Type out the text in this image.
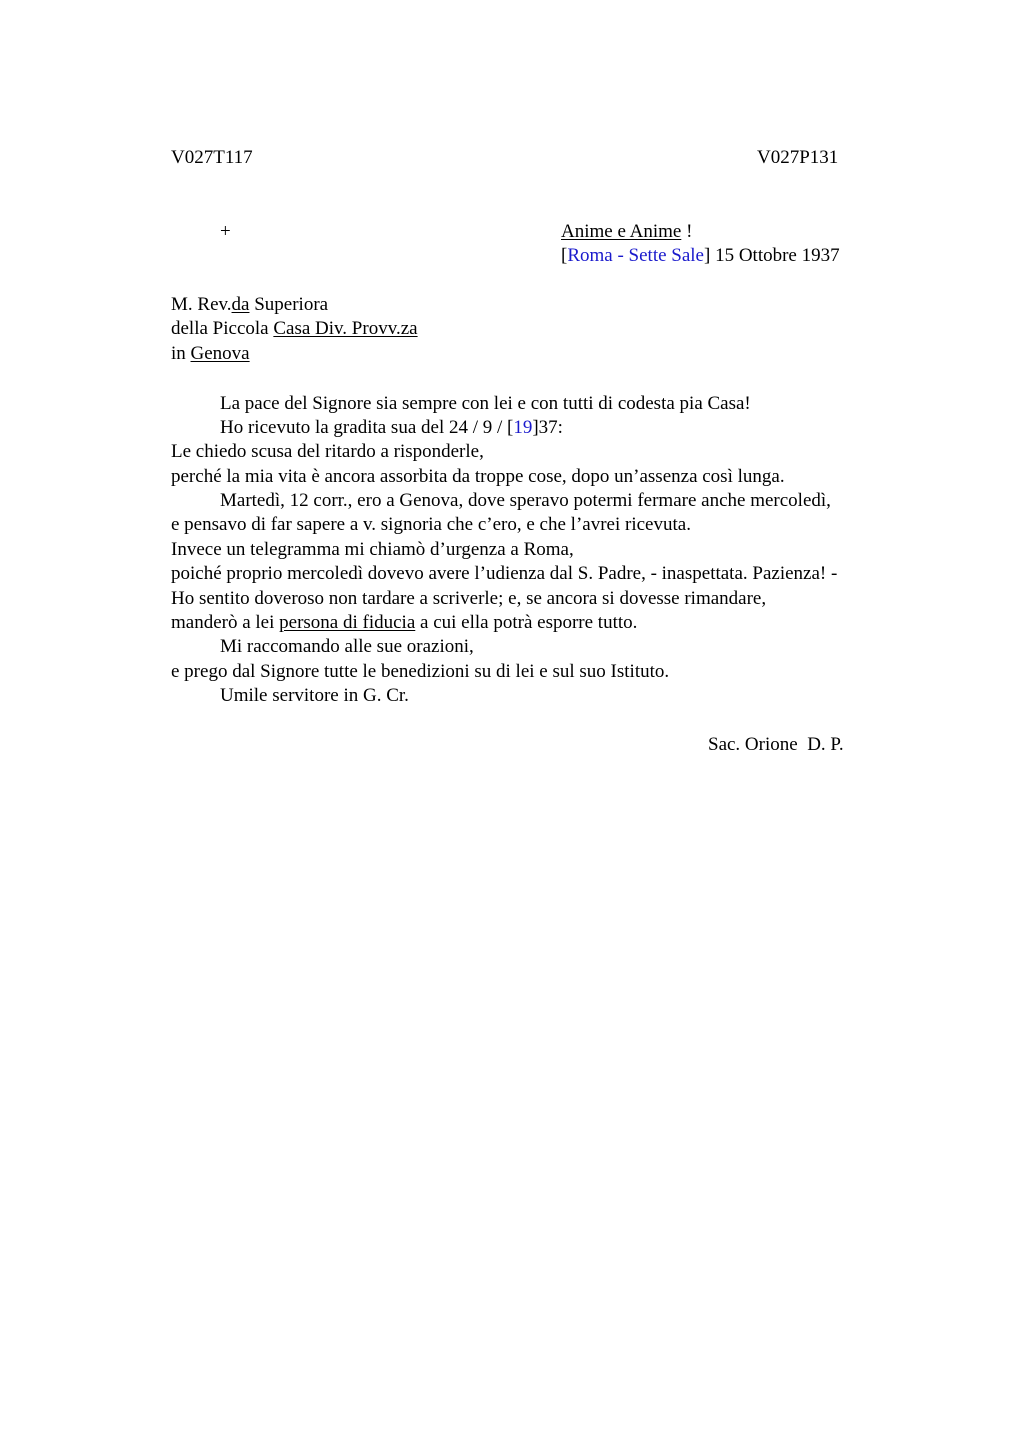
V027T117	V027P131
+	Anime e Anime !
[Roma - Sette Sale] 15 Ottobre 1937
M. Rev.da Superiora
della Piccola Casa Div. Provv.za
in Genova
La pace del Signore sia sempre con lei e con tutti di codesta pia Casa!
Ho ricevuto la gradita sua del 24 / 9 / [19]37:
Le chiedo scusa del ritardo a risponderle,
perché la mia vita è ancora assorbita da troppe cose, dopo un’assenza così lunga.
Martedì, 12 corr., ero a Genova, dove speravo potermi fermare anche mercoledì,
e pensavo di far sapere a v. signoria che c’ero, e che l’avrei ricevuta.
Invece un telegramma mi chiamò d’urgenza a Roma,
poiché proprio mercoledì dovevo avere l’udienza dal S. Padre, - inaspettata. Pazienza! -
Ho sentito doveroso non tardare a scriverle; e, se ancora si dovesse rimandare,
manderò a lei persona di fiducia a cui ella potrà esporre tutto.
Mi raccomando alle sue orazioni,
e prego dal Signore tutte le benedizioni su di lei e sul suo Istituto.
Umile servitore in G. Cr.
Sac. Orione  D. P.
